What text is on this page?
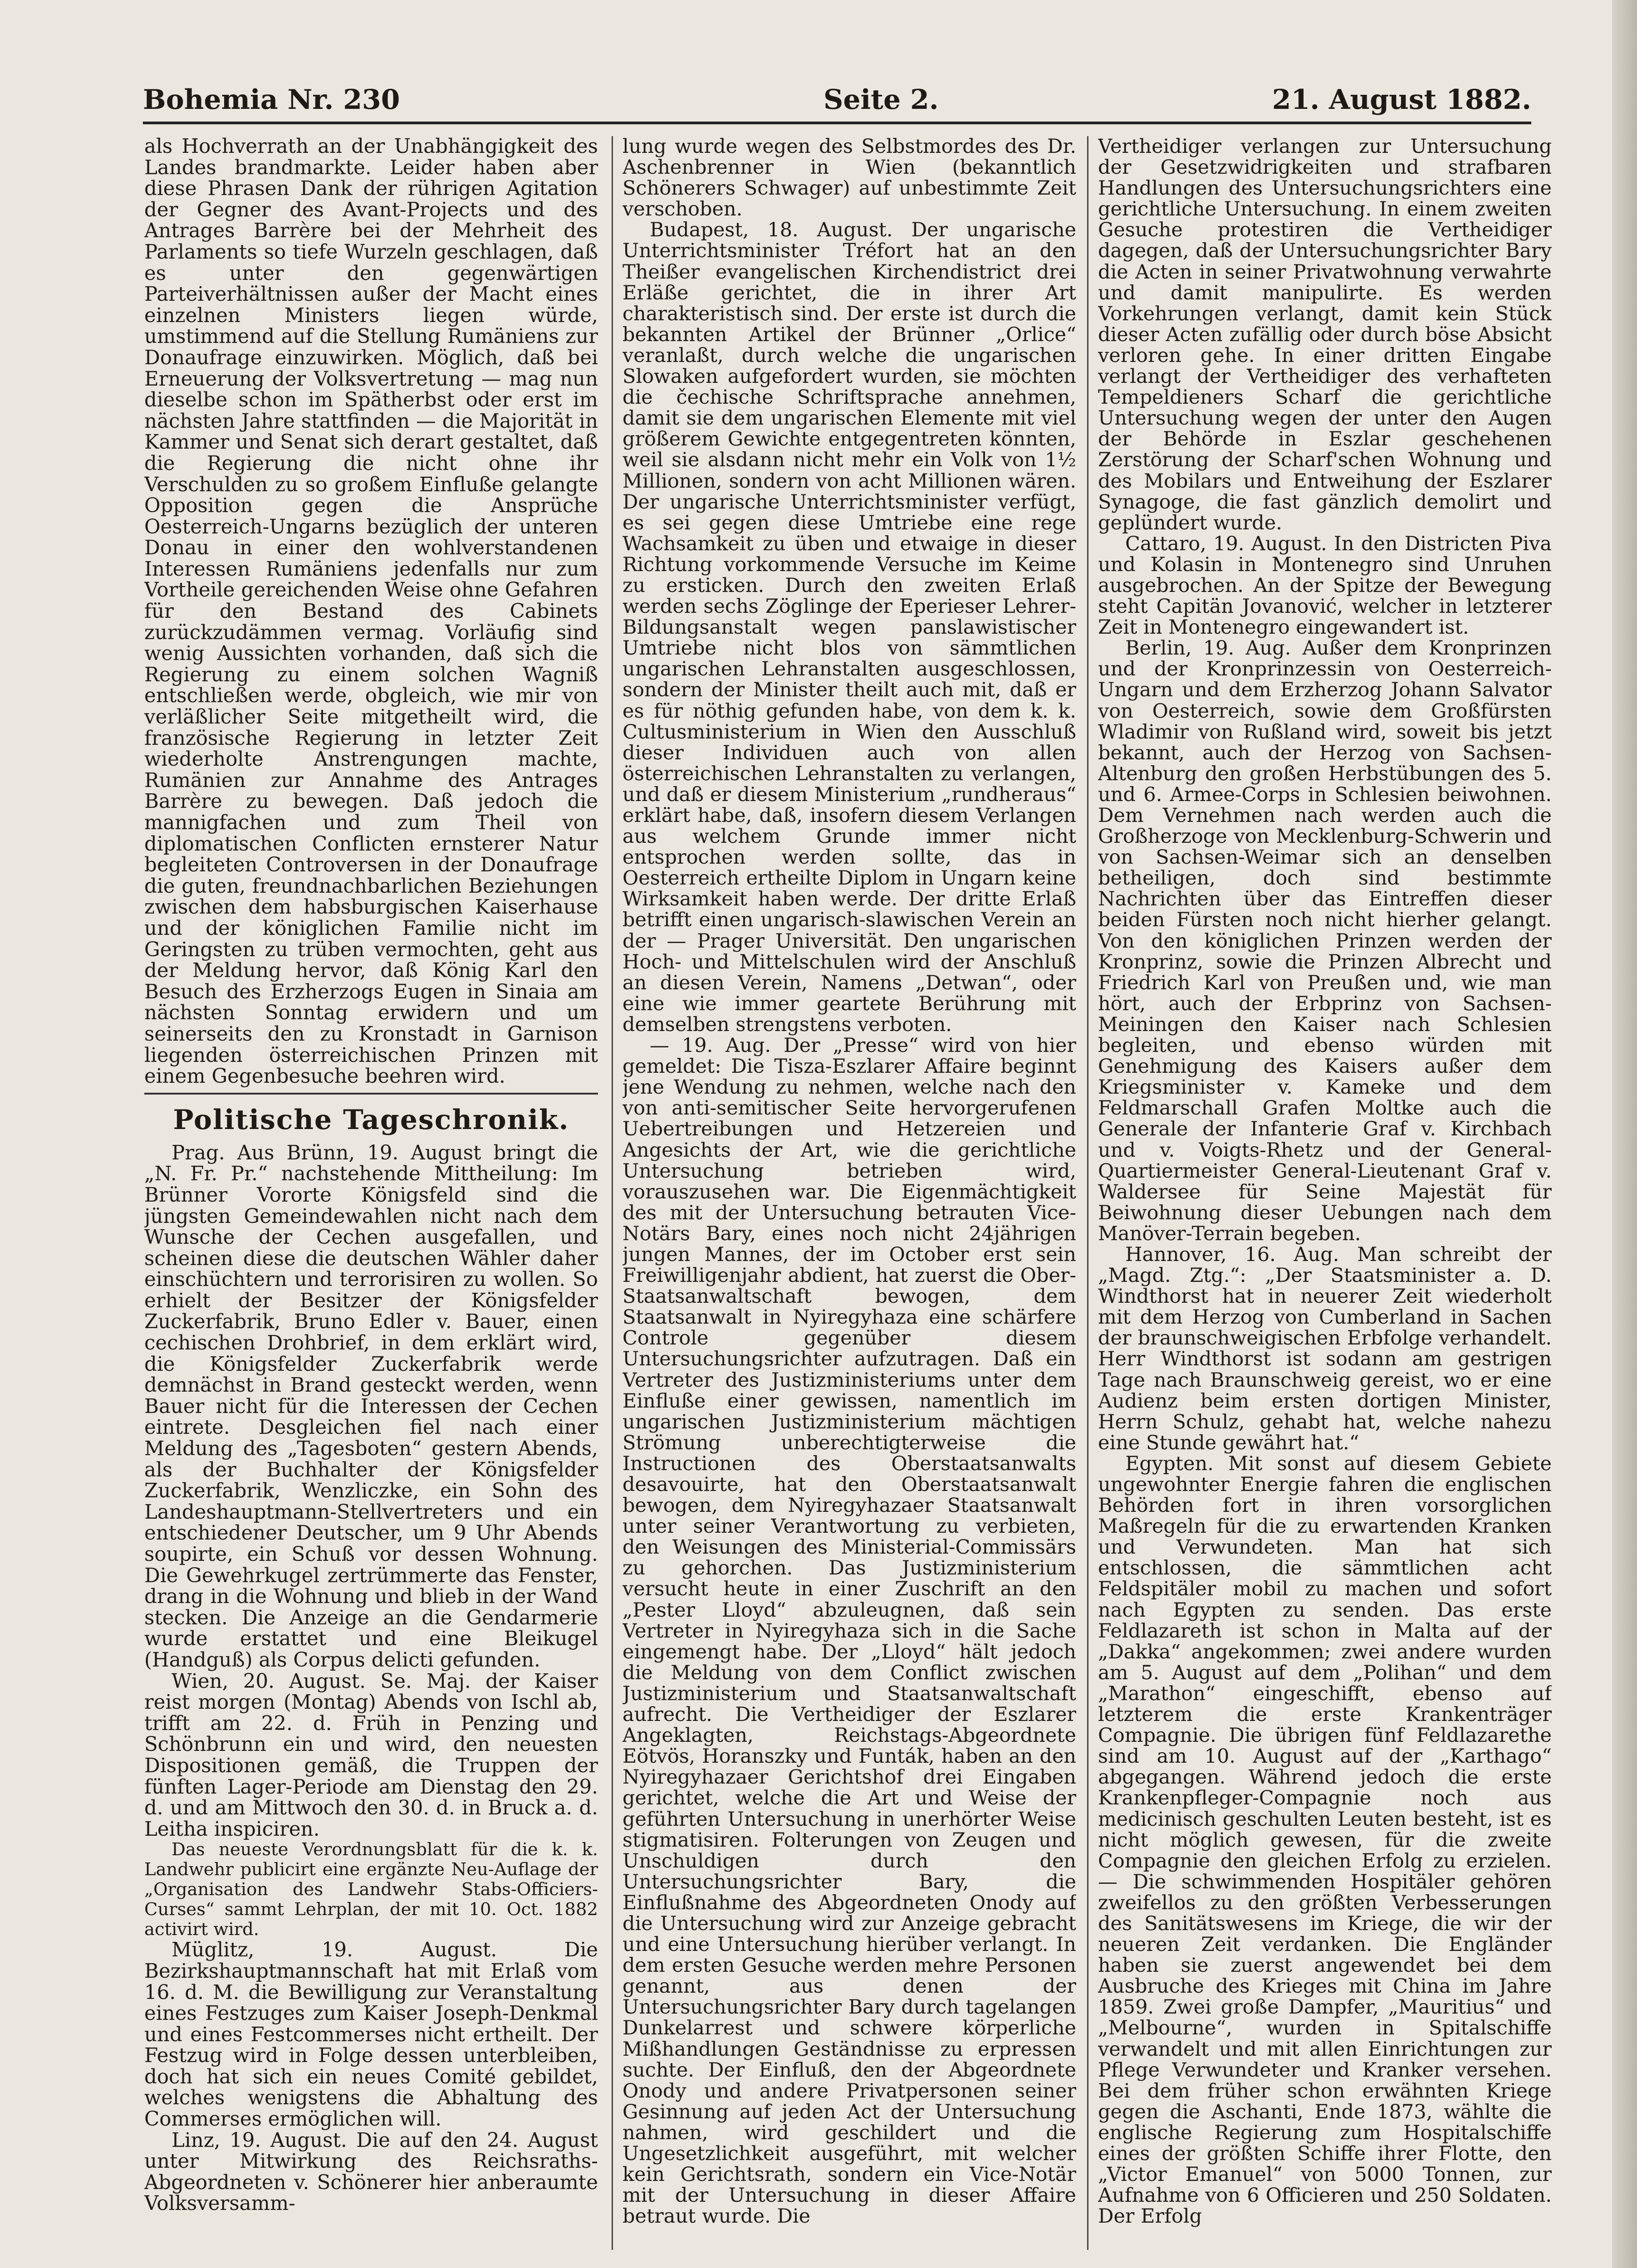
Bohemia Nr. 230	Seite 2.	21. August 1882.

als Hochverrath an der Unabhängigkeit des Landes brandmarkte. Leider haben aber diese Phrasen Dank der rührigen Agitation der Gegner des Avant-Projects und des Antrages Barrère bei der Mehrheit des Parlaments so tiefe Wurzeln geschlagen, daß es unter den gegenwärtigen Parteiverhältnissen außer der Macht eines einzelnen Ministers liegen würde, umstimmend auf die Stellung Rumäniens zur Donaufrage einzuwirken. Möglich, daß bei Erneuerung der Volksvertretung — mag nun dieselbe schon im Spätherbst oder erst im nächsten Jahre stattfinden — die Majorität in Kammer und Senat sich derart gestaltet, daß die Regierung die nicht ohne ihr Verschulden zu so großem Einfluße gelangte Opposition gegen die Ansprüche Oesterreich-Ungarns bezüglich der unteren Donau in einer den wohlverstandenen Interessen Rumäniens jedenfalls nur zum Vortheile gereichenden Weise ohne Gefahren für den Bestand des Cabinets zurückzudämmen vermag. Vorläufig sind wenig Aussichten vorhanden, daß sich die Regierung zu einem solchen Wagniß entschließen werde, obgleich, wie mir von verläßlicher Seite mitgetheilt wird, die französische Regierung in letzter Zeit wiederholte Anstrengungen machte, Rumänien zur Annahme des Antrages Barrère zu bewegen. Daß jedoch die mannigfachen und zum Theil von diplomatischen Conflicten ernsterer Natur begleiteten Controversen in der Donaufrage die guten, freundnachbarlichen Beziehungen zwischen dem habsburgischen Kaiserhause und der königlichen Familie nicht im Geringsten zu trüben vermochten, geht aus der Meldung hervor, daß König Karl den Besuch des Erzherzogs Eugen in Sinaia am nächsten Sonntag erwidern und um seinerseits den zu Kronstadt in Garnison liegenden österreichischen Prinzen mit einem Gegenbesuche beehren wird.

Politische Tageschronik.

Prag. Aus Brünn, 19. August bringt die „N. Fr. Pr.“ nachstehende Mittheilung: Im Brünner Vororte Königsfeld sind die jüngsten Gemeindewahlen nicht nach dem Wunsche der Cechen ausgefallen, und scheinen diese die deutschen Wähler daher einschüchtern und terrorisiren zu wollen. So erhielt der Besitzer der Königsfelder Zuckerfabrik, Bruno Edler v. Bauer, einen cechischen Drohbrief, in dem erklärt wird, die Königsfelder Zuckerfabrik werde demnächst in Brand gesteckt werden, wenn Bauer nicht für die Interessen der Cechen eintrete. Desgleichen fiel nach einer Meldung des „Tagesboten“ gestern Abends, als der Buchhalter der Königsfelder Zuckerfabrik, Wenzliczke, ein Sohn des Landeshauptmann-Stellvertreters und ein entschiedener Deutscher, um 9 Uhr Abends soupirte, ein Schuß vor dessen Wohnung. Die Gewehrkugel zertrümmerte das Fenster, drang in die Wohnung und blieb in der Wand stecken. Die Anzeige an die Gendarmerie wurde erstattet und eine Bleikugel (Handguß) als Corpus delicti gefunden.

Wien, 20. August. Se. Maj. der Kaiser reist morgen (Montag) Abends von Ischl ab, trifft am 22. d. Früh in Penzing und Schönbrunn ein und wird, den neuesten Dispositionen gemäß, die Truppen der fünften Lager-Periode am Dienstag den 29. d. und am Mittwoch den 30. d. in Bruck a. d. Leitha inspiciren.

Das neueste Verordnungsblatt für die k. k. Landwehr publicirt eine ergänzte Neu-Auflage der „Organisation des Landwehr Stabs-Officiers-Curses“ sammt Lehrplan, der mit 10. Oct. 1882 activirt wird.

Müglitz, 19. August. Die Bezirkshauptmannschaft hat mit Erlaß vom 16. d. M. die Bewilligung zur Veranstaltung eines Festzuges zum Kaiser Joseph-Denkmal und eines Festcommerses nicht ertheilt. Der Festzug wird in Folge dessen unterbleiben, doch hat sich ein neues Comité gebildet, welches wenigstens die Abhaltung des Commerses ermöglichen will.

Linz, 19. August. Die auf den 24. August unter Mitwirkung des Reichsraths-Abgeordneten v. Schönerer hier anberaumte Volksversamm-

lung wurde wegen des Selbstmordes des Dr. Aschenbrenner in Wien (bekanntlich Schönerers Schwager) auf unbestimmte Zeit verschoben.

Budapest, 18. August. Der ungarische Unterrichtsminister Tréfort hat an den Theißer evangelischen Kirchendistrict drei Erläße gerichtet, die in ihrer Art charakteristisch sind. Der erste ist durch die bekannten Artikel der Brünner „Orlice“ veranlaßt, durch welche die ungarischen Slowaken aufgefordert wurden, sie möchten die čechische Schriftsprache annehmen, damit sie dem ungarischen Elemente mit viel größerem Gewichte entgegentreten könnten, weil sie alsdann nicht mehr ein Volk von 1½ Millionen, sondern von acht Millionen wären. Der ungarische Unterrichtsminister verfügt, es sei gegen diese Umtriebe eine rege Wachsamkeit zu üben und etwaige in dieser Richtung vorkommende Versuche im Keime zu ersticken. Durch den zweiten Erlaß werden sechs Zöglinge der Eperieser Lehrer-Bildungsanstalt wegen panslawistischer Umtriebe nicht blos von sämmtlichen ungarischen Lehranstalten ausgeschlossen, sondern der Minister theilt auch mit, daß er es für nöthig gefunden habe, von dem k. k. Cultusministerium in Wien den Ausschluß dieser Individuen auch von allen österreichischen Lehranstalten zu verlangen, und daß er diesem Ministerium „rundheraus“ erklärt habe, daß, insofern diesem Verlangen aus welchem Grunde immer nicht entsprochen werden sollte, das in Oesterreich ertheilte Diplom in Ungarn keine Wirksamkeit haben werde. Der dritte Erlaß betrifft einen ungarisch-slawischen Verein an der — Prager Universität. Den ungarischen Hoch- und Mittelschulen wird der Anschluß an diesen Verein, Namens „Detwan“, oder eine wie immer geartete Berührung mit demselben strengstens verboten.

— 19. Aug. Der „Presse“ wird von hier gemeldet: Die Tisza-Eszlarer Affaire beginnt jene Wendung zu nehmen, welche nach den von anti-semitischer Seite hervorgerufenen Uebertreibungen und Hetzereien und Angesichts der Art, wie die gerichtliche Untersuchung betrieben wird, vorauszusehen war. Die Eigenmächtigkeit des mit der Untersuchung betrauten Vice-Notärs Bary, eines noch nicht 24jährigen jungen Mannes, der im October erst sein Freiwilligenjahr abdient, hat zuerst die Ober-Staatsanwaltschaft bewogen, dem Staatsanwalt in Nyiregyhaza eine schärfere Controle gegenüber diesem Untersuchungsrichter aufzutragen. Daß ein Vertreter des Justizministeriums unter dem Einfluße einer gewissen, namentlich im ungarischen Justizministerium mächtigen Strömung unberechtigterweise die Instructionen des Oberstaatsanwalts desavouirte, hat den Oberstaatsanwalt bewogen, dem Nyiregyhazaer Staatsanwalt unter seiner Verantwortung zu verbieten, den Weisungen des Ministerial-Commissärs zu gehorchen. Das Justizministerium versucht heute in einer Zuschrift an den „Pester Lloyd“ abzuleugnen, daß sein Vertreter in Nyiregyhaza sich in die Sache eingemengt habe. Der „Lloyd“ hält jedoch die Meldung von dem Conflict zwischen Justizministerium und Staatsanwaltschaft aufrecht. Die Vertheidiger der Eszlarer Angeklagten, Reichstags-Abgeordnete Eötvös, Horanszky und Funták, haben an den Nyiregyhazaer Gerichtshof drei Eingaben gerichtet, welche die Art und Weise der geführten Untersuchung in unerhörter Weise stigmatisiren. Folterungen von Zeugen und Unschuldigen durch den Untersuchungsrichter Bary, die Einflußnahme des Abgeordneten Onody auf die Untersuchung wird zur Anzeige gebracht und eine Untersuchung hierüber verlangt. In dem ersten Gesuche werden mehre Personen genannt, aus denen der Untersuchungsrichter Bary durch tagelangen Dunkelarrest und schwere körperliche Mißhandlungen Geständnisse zu erpressen suchte. Der Einfluß, den der Abgeordnete Onody und andere Privatpersonen seiner Gesinnung auf jeden Act der Untersuchung nahmen, wird geschildert und die Ungesetzlichkeit ausgeführt, mit welcher kein Gerichtsrath, sondern ein Vice-Notär mit der Untersuchung in dieser Affaire betraut wurde. Die

Vertheidiger verlangen zur Untersuchung der Gesetzwidrigkeiten und strafbaren Handlungen des Untersuchungsrichters eine gerichtliche Untersuchung. In einem zweiten Gesuche protestiren die Vertheidiger dagegen, daß der Untersuchungsrichter Bary die Acten in seiner Privatwohnung verwahrte und damit manipulirte. Es werden Vorkehrungen verlangt, damit kein Stück dieser Acten zufällig oder durch böse Absicht verloren gehe. In einer dritten Eingabe verlangt der Vertheidiger des verhafteten Tempeldieners Scharf die gerichtliche Untersuchung wegen der unter den Augen der Behörde in Eszlar geschehenen Zerstörung der Scharf'schen Wohnung und des Mobilars und Entweihung der Eszlarer Synagoge, die fast gänzlich demolirt und geplündert wurde.

Cattaro, 19. August. In den Districten Piva und Kolasin in Montenegro sind Unruhen ausgebrochen. An der Spitze der Bewegung steht Capitän Jovanović, welcher in letzterer Zeit in Montenegro eingewandert ist.

Berlin, 19. Aug. Außer dem Kronprinzen und der Kronprinzessin von Oesterreich-Ungarn und dem Erzherzog Johann Salvator von Oesterreich, sowie dem Großfürsten Wladimir von Rußland wird, soweit bis jetzt bekannt, auch der Herzog von Sachsen-Altenburg den großen Herbstübungen des 5. und 6. Armee-Corps in Schlesien beiwohnen. Dem Vernehmen nach werden auch die Großherzoge von Mecklenburg-Schwerin und von Sachsen-Weimar sich an denselben betheiligen, doch sind bestimmte Nachrichten über das Eintreffen dieser beiden Fürsten noch nicht hierher gelangt. Von den königlichen Prinzen werden der Kronprinz, sowie die Prinzen Albrecht und Friedrich Karl von Preußen und, wie man hört, auch der Erbprinz von Sachsen-Meiningen den Kaiser nach Schlesien begleiten, und ebenso würden mit Genehmigung des Kaisers außer dem Kriegsminister v. Kameke und dem Feldmarschall Grafen Moltke auch die Generale der Infanterie Graf v. Kirchbach und v. Voigts-Rhetz und der General-Quartiermeister General-Lieutenant Graf v. Waldersee für Seine Majestät für Beiwohnung dieser Uebungen nach dem Manöver-Terrain begeben.

Hannover, 16. Aug. Man schreibt der „Magd. Ztg.“: „Der Staatsminister a. D. Windthorst hat in neuerer Zeit wiederholt mit dem Herzog von Cumberland in Sachen der braunschweigischen Erbfolge verhandelt. Herr Windthorst ist sodann am gestrigen Tage nach Braunschweig gereist, wo er eine Audienz beim ersten dortigen Minister, Herrn Schulz, gehabt hat, welche nahezu eine Stunde gewährt hat.“

Egypten. Mit sonst auf diesem Gebiete ungewohnter Energie fahren die englischen Behörden fort in ihren vorsorglichen Maßregeln für die zu erwartenden Kranken und Verwundeten. Man hat sich entschlossen, die sämmtlichen acht Feldspitäler mobil zu machen und sofort nach Egypten zu senden. Das erste Feldlazareth ist schon in Malta auf der „Dakka“ angekommen; zwei andere wurden am 5. August auf dem „Polihan“ und dem „Marathon“ eingeschifft, ebenso auf letzterem die erste Krankenträger Compagnie. Die übrigen fünf Feldlazarethe sind am 10. August auf der „Karthago“ abgegangen. Während jedoch die erste Krankenpfleger-Compagnie noch aus medicinisch geschulten Leuten besteht, ist es nicht möglich gewesen, für die zweite Compagnie den gleichen Erfolg zu erzielen. — Die schwimmenden Hospitäler gehören zweifellos zu den größten Verbesserungen des Sanitätswesens im Kriege, die wir der neueren Zeit verdanken. Die Engländer haben sie zuerst angewendet bei dem Ausbruche des Krieges mit China im Jahre 1859. Zwei große Dampfer, „Mauritius“ und „Melbourne“, wurden in Spitalschiffe verwandelt und mit allen Einrichtungen zur Pflege Verwundeter und Kranker versehen. Bei dem früher schon erwähnten Kriege gegen die Aschanti, Ende 1873, wählte die englische Regierung zum Hospitalschiffe eines der größten Schiffe ihrer Flotte, den „Victor Emanuel“ von 5000 Tonnen, zur Aufnahme von 6 Officieren und 250 Soldaten. Der Erfolg
